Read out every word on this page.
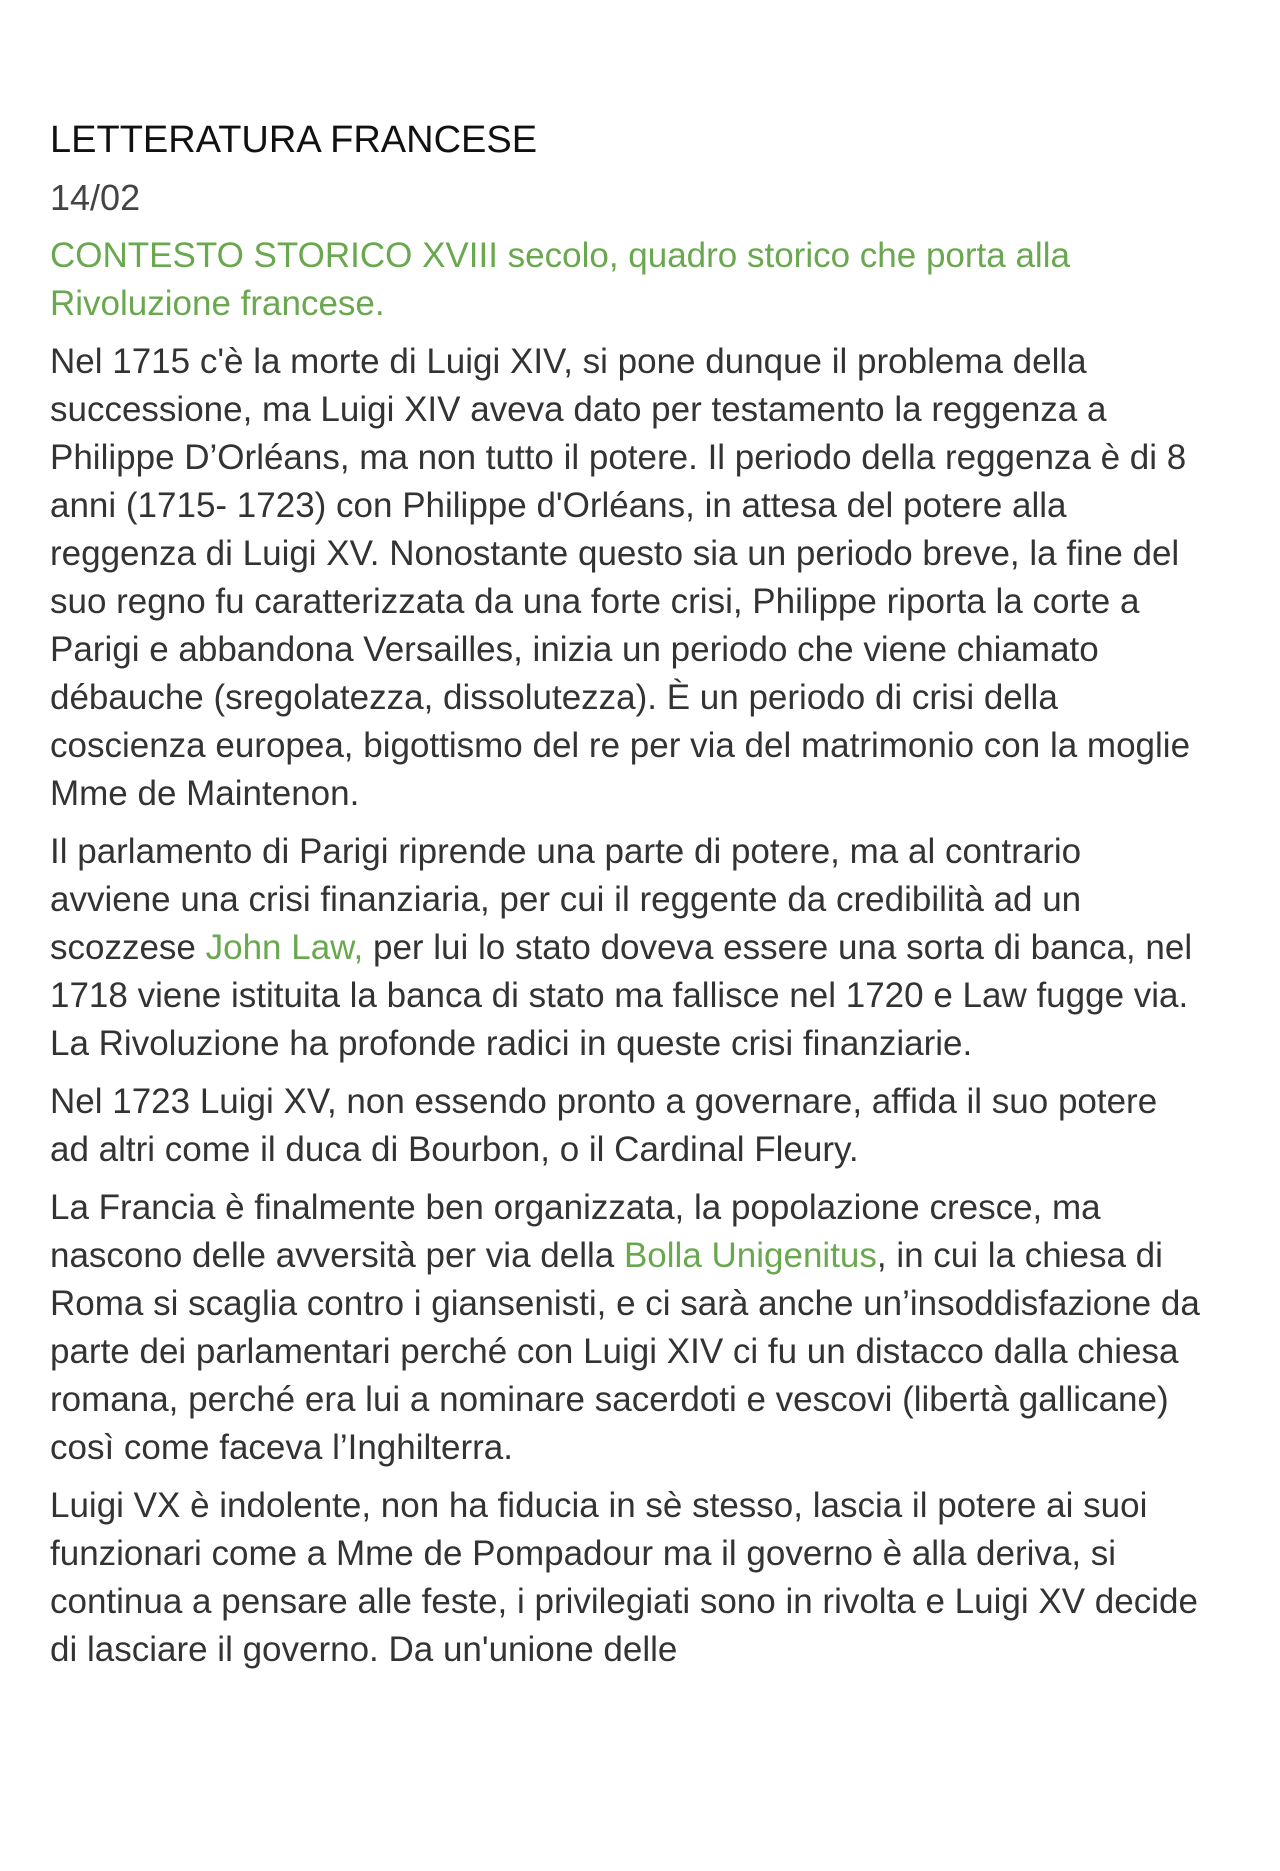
LETTERATURA FRANCESE
14/02
CONTESTO STORICO XVIII secolo, quadro storico che porta alla Rivoluzione francese.

Nel 1715 c'è la morte di Luigi XIV, si pone dunque il problema della successione, ma Luigi XIV aveva dato per testamento la reggenza a Philippe D’Orléans, ma non tutto il potere. Il periodo della reggenza è di 8 anni (1715- 1723) con Philippe d'Orléans, in attesa del potere alla reggenza di Luigi XV. Nonostante questo sia un periodo breve, la fine del suo regno fu caratterizzata da una forte crisi, Philippe riporta la corte a Parigi e abbandona Versailles, inizia un periodo che viene chiamato débauche (sregolatezza, dissolutezza). È un periodo di crisi della coscienza europea, bigottismo del re per via del matrimonio con la moglie Mme de Maintenon.

Il parlamento di Parigi riprende una parte di potere, ma al contrario avviene una crisi finanziaria, per cui il reggente da credibilità ad un scozzese John Law, per lui lo stato doveva essere una sorta di banca, nel 1718 viene istituita la banca di stato ma fallisce nel 1720 e Law fugge via. La Rivoluzione ha profonde radici in queste crisi finanziarie.

Nel 1723 Luigi XV, non essendo pronto a governare, affida il suo potere ad altri come il duca di Bourbon, o il Cardinal Fleury.

La Francia è finalmente ben organizzata, la popolazione cresce, ma nascono delle avversità per via della Bolla Unigenitus, in cui la chiesa di Roma si scaglia contro i giansenisti, e ci sarà anche un’insoddisfazione da parte dei parlamentari perché con Luigi XIV ci fu un distacco dalla chiesa romana, perché era lui a nominare sacerdoti e vescovi (libertà gallicane) così come faceva l’Inghilterra.

Luigi VX è indolente, non ha fiducia in sè stesso, lascia il potere ai suoi funzionari come a Mme de Pompadour ma il governo è alla deriva, si continua a pensare alle feste, i privilegiati sono in rivolta e Luigi XV decide di lasciare il governo. Da un'unione delle
